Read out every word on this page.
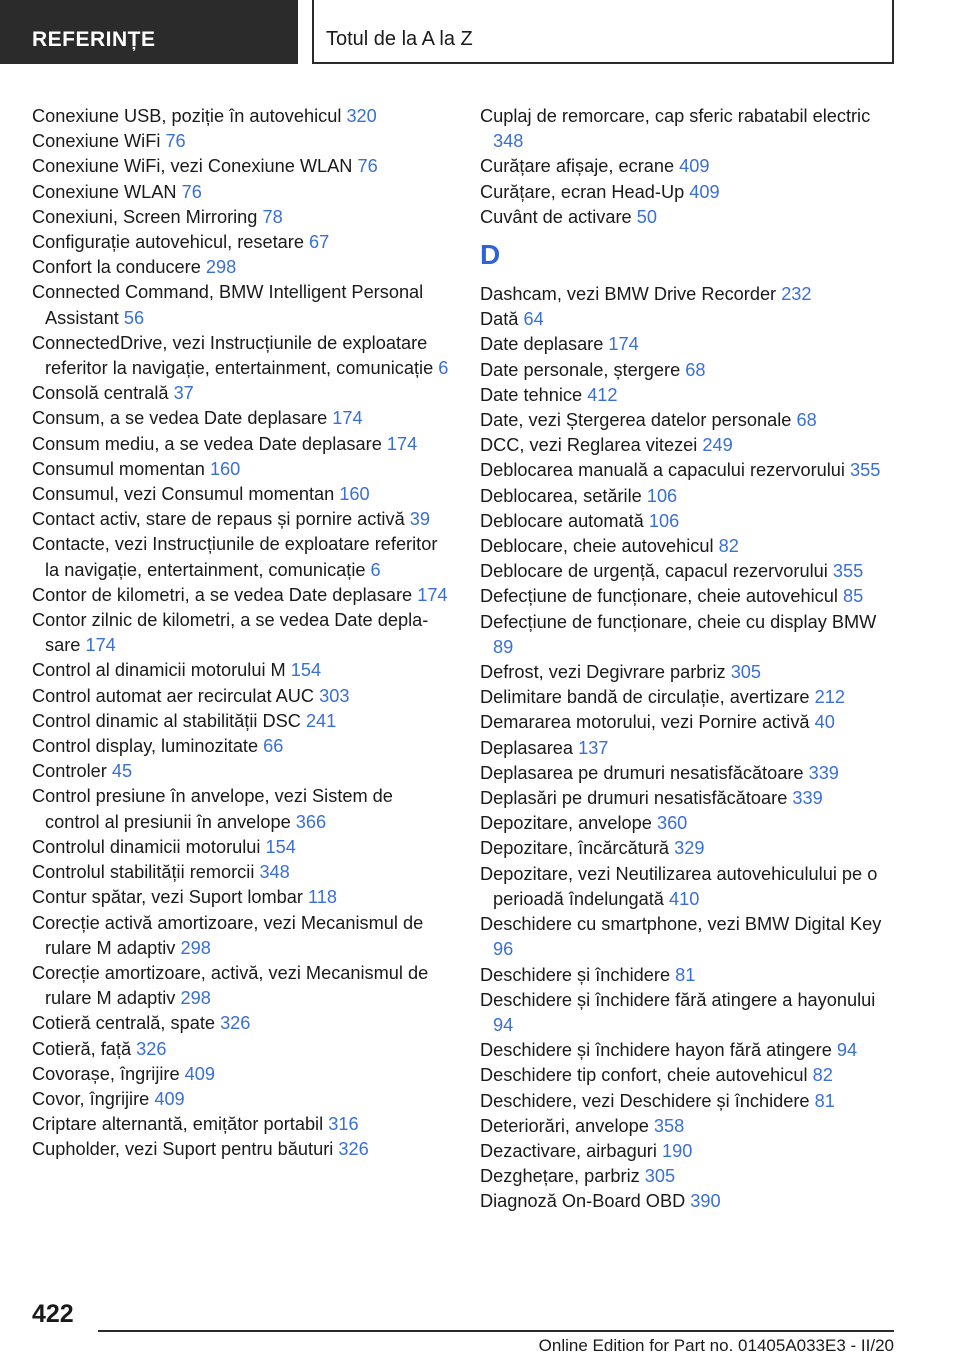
REFERINȚE	Totul de la A la Z
Conexiune USB, poziție în autovehicul 320
Conexiune WiFi 76
Conexiune WiFi, vezi Conexiune WLAN 76
Conexiune WLAN 76
Conexiuni, Screen Mirroring 78
Configurație autovehicul, resetare 67
Confort la conducere 298
Connected Command, BMW Intelligent Personal Assistant 56
ConnectedDrive, vezi Instrucțiunile de exploatare referitor la navigație, entertainment, comunicație 6
Consolă centrală 37
Consum, a se vedea Date deplasare 174
Consum mediu, a se vedea Date deplasare 174
Consumul momentan 160
Consumul, vezi Consumul momentan 160
Contact activ, stare de repaus și pornire activă 39
Contacte, vezi Instrucțiunile de exploatare referitor la navigație, entertainment, comunicație 6
Contor de kilometri, a se vedea Date deplasare 174
Contor zilnic de kilometri, a se vedea Date deplasare 174
Control al dinamicii motorului M 154
Control automat aer recirculat AUC 303
Control dinamic al stabilității DSC 241
Control display, luminozitate 66
Controler 45
Control presiune în anvelope, vezi Sistem de control al presiunii în anvelope 366
Controlul dinamicii motorului 154
Controlul stabilității remorcii 348
Contur spătar, vezi Suport lombar 118
Corecție activă amortizoare, vezi Mecanismul de rulare M adaptiv 298
Corecție amortizoare, activă, vezi Mecanismul de rulare M adaptiv 298
Cotieră centrală, spate 326
Cotieră, față 326
Covorașe, îngrijire 409
Covor, îngrijire 409
Criptare alternantă, emițător portabil 316
Cupholder, vezi Suport pentru băuturi 326
Cuplaj de remorcare, cap sferic rabatabil electric 348
Curățare afișaje, ecrane 409
Curățare, ecran Head-Up 409
Cuvânt de activare 50
D
Dashcam, vezi BMW Drive Recorder 232
Dată 64
Date deplasare 174
Date personale, ștergere 68
Date tehnice 412
Date, vezi Ștergerea datelor personale 68
DCC, vezi Reglarea vitezei 249
Deblocarea manuală a capacului rezervorului 355
Deblocarea, setările 106
Deblocare automată 106
Deblocare, cheie autovehicul 82
Deblocare de urgență, capacul rezervorului 355
Defecțiune de funcționare, cheie autovehicul 85
Defecțiune de funcționare, cheie cu display BMW 89
Defrost, vezi Degivrare parbriz 305
Delimitare bandă de circulație, avertizare 212
Demararea motorului, vezi Pornire activă 40
Deplasarea 137
Deplasarea pe drumuri nesatisfăcătoare 339
Deplasări pe drumuri nesatisfăcătoare 339
Depozitare, anvelope 360
Depozitare, încărcătură 329
Depozitare, vezi Neutilizarea autovehiculului pe o perioadă îndelungată 410
Deschidere cu smartphone, vezi BMW Digital Key 96
Deschidere și închidere 81
Deschidere și închidere fără atingere a hayonului 94
Deschidere și închidere hayon fără atingere 94
Deschidere tip confort, cheie autovehicul 82
Deschidere, vezi Deschidere și închidere 81
Deteriorări, anvelope 358
Dezactivare, airbaguri 190
Dezghețare, parbriz 305
Diagnoză On-Board OBD 390
422
Online Edition for Part no. 01405A033E3 - II/20
